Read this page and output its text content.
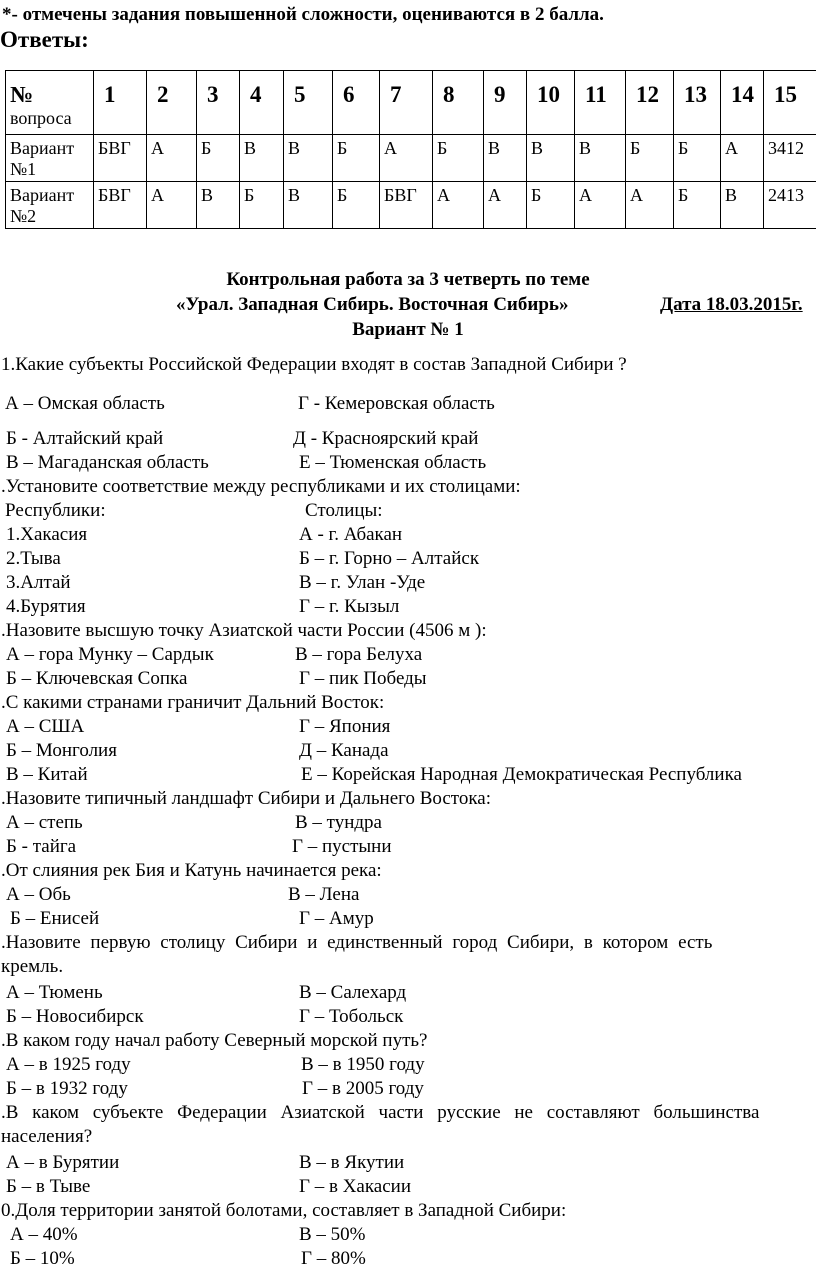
*- отмечены задания повышенной сложности, оцениваются в 2 балла.
Ответы:
№
вопроса	1	2	3	4	5	6	7	8	9	10	11	12	13	14	15

Вариант №1	БВГ	А	Б	В	В	Б	А	Б	В	В	В	Б	Б	А	3412
Вариант №2	БВГ	А	В	Б	В	Б	БВГ	А	А	Б	А	А	Б	В	2413
Контрольная работа за 3 четверть по теме
«Урал. Западная Сибирь. Восточная Сибирь»	Дата 18.03.2015г.
Вариант № 1
1.Какие субъекты Российской Федерации входят в состав Западной Сибири ?
А – Омская область	Г - Кемеровская область
Б - Алтайский край	Д - Красноярский край
В – Магаданская область	Е – Тюменская область
.Установите соответствие между республиками и их столицами:
Республики:	Столицы:
1.Хакасия	А - г. Абакан
2.Тыва	Б – г. Горно – Алтайск
3.Алтай	В – г. Улан -Уде
4.Бурятия	Г – г. Кызыл
.Назовите высшую точку Азиатской части России (4506 м ):
А – гора Мунку – Сардык	В – гора Белуха
Б – Ключевская Сопка	Г – пик Победы
.С какими странами граничит Дальний Восток:
А – США	Г – Япония
Б – Монголия	Д – Канада
В – Китай	Е – Корейская Народная Демократическая Республика
.Назовите типичный ландшафт Сибири и Дальнего Востока:
А – степь	В – тундра
Б - тайга	Г – пустыни
.От слияния рек Бия и Катунь начинается река:
А – Обь	В – Лена
Б – Енисей	Г – Амур
.Назовите первую столицу Сибири и единственный город Сибири, в котором есть
кремль.
А – Тюмень	В – Салехард
Б – Новосибирск	Г – Тобольск
.В каком году начал работу Северный морской путь?
А – в 1925 году	В – в 1950 году
Б – в 1932 году	Г – в 2005 году
.В каком субъекте Федерации Азиатской части русские не составляют большинства
населения?
А – в Бурятии	В – в Якутии
Б – в Тыве	Г – в Хакасии
0.Доля территории занятой болотами, составляет в Западной Сибири:
А – 40%	В – 50%
Б – 10%	Г – 80%
